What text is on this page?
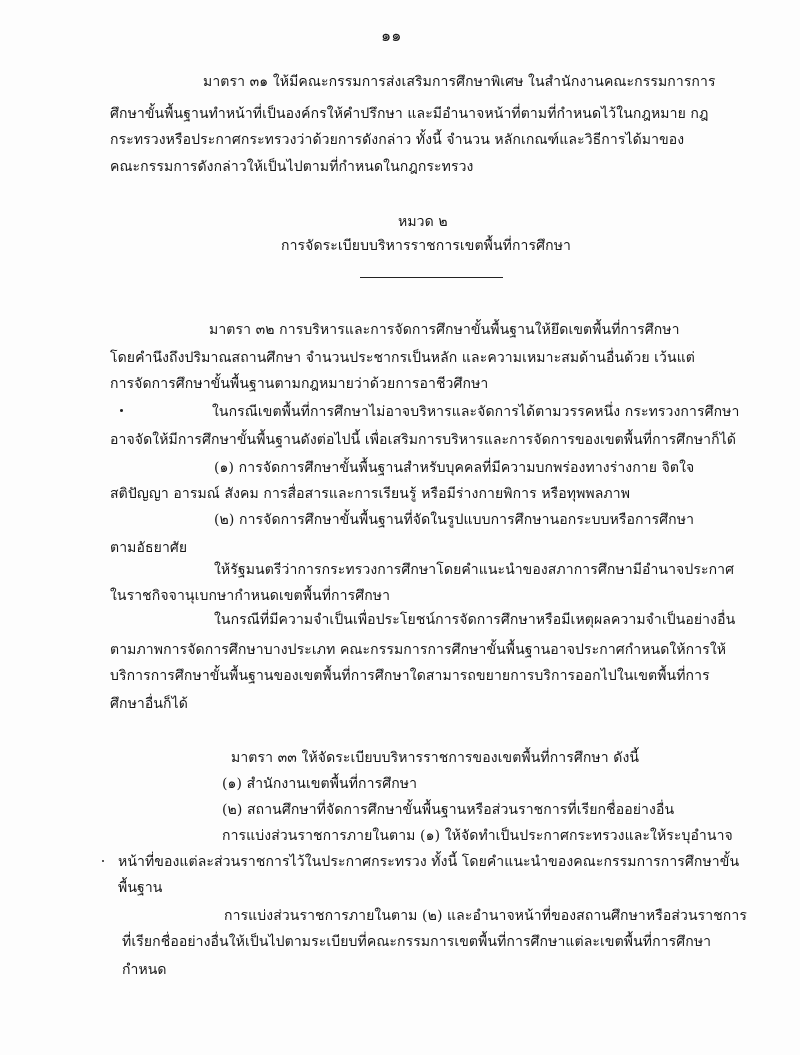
๑๑
มาตรา ๓๑ ให้มีคณะกรรมการส่งเสริมการศึกษาพิเศษ ในสำนักงานคณะกรรมการการ
ศึกษาขั้นพื้นฐานทำหน้าที่เป็นองค์กรให้คำปรึกษา และมีอำนาจหน้าที่ตามที่กำหนดไว้ในกฎหมาย กฎ
กระทรวงหรือประกาศกระทรวงว่าด้วยการดังกล่าว ทั้งนี้ จำนวน หลักเกณฑ์และวิธีการได้มาของ
คณะกรรมการดังกล่าวให้เป็นไปตามที่กำหนดในกฎกระทรวง
หมวด ๒
การจัดระเบียบบริหารราชการเขตพื้นที่การศึกษา
มาตรา ๓๒ การบริหารและการจัดการศึกษาขั้นพื้นฐานให้ยึดเขตพื้นที่การศึกษา
โดยคำนึงถึงปริมาณสถานศึกษา จำนวนประชากรเป็นหลัก และความเหมาะสมด้านอื่นด้วย เว้นแต่
การจัดการศึกษาขั้นพื้นฐานตามกฎหมายว่าด้วยการอาชีวศึกษา
ในกรณีเขตพื้นที่การศึกษาไม่อาจบริหารและจัดการได้ตามวรรคหนึ่ง กระทรวงการศึกษา
อาจจัดให้มีการศึกษาขั้นพื้นฐานดังต่อไปนี้ เพื่อเสริมการบริหารและการจัดการของเขตพื้นที่การศึกษาก็ได้
(๑) การจัดการศึกษาขั้นพื้นฐานสำหรับบุคคลที่มีความบกพร่องทางร่างกาย จิตใจ
สติปัญญา อารมณ์ สังคม การสื่อสารและการเรียนรู้ หรือมีร่างกายพิการ หรือทุพพลภาพ
(๒) การจัดการศึกษาขั้นพื้นฐานที่จัดในรูปแบบการศึกษานอกระบบหรือการศึกษา
ตามอัธยาศัย
ให้รัฐมนตรีว่าการกระทรวงการศึกษาโดยคำแนะนำของสภาการศึกษามีอำนาจประกาศ
ในราชกิจจานุเบกษากำหนดเขตพื้นที่การศึกษา
ในกรณีที่มีความจำเป็นเพื่อประโยชน์การจัดการศึกษาหรือมีเหตุผลความจำเป็นอย่างอื่น
ตามภาพการจัดการศึกษาบางประเภท คณะกรรมการการศึกษาขั้นพื้นฐานอาจประกาศกำหนดให้การให้
บริการการศึกษาขั้นพื้นฐานของเขตพื้นที่การศึกษาใดสามารถขยายการบริการออกไปในเขตพื้นที่การ
ศึกษาอื่นก็ได้
มาตรา ๓๓ ให้จัดระเบียบบริหารราชการของเขตพื้นที่การศึกษา ดังนี้
(๑) สำนักงานเขตพื้นที่การศึกษา
(๒) สถานศึกษาที่จัดการศึกษาขั้นพื้นฐานหรือส่วนราชการที่เรียกชื่ออย่างอื่น
การแบ่งส่วนราชการภายในตาม (๑) ให้จัดทำเป็นประกาศกระทรวงและให้ระบุอำนาจ
หน้าที่ของแต่ละส่วนราชการไว้ในประกาศกระทรวง ทั้งนี้ โดยคำแนะนำของคณะกรรมการการศึกษาขั้น
พื้นฐาน
การแบ่งส่วนราชการภายในตาม (๒) และอำนาจหน้าที่ของสถานศึกษาหรือส่วนราชการ
ที่เรียกชื่ออย่างอื่นให้เป็นไปตามระเบียบที่คณะกรรมการเขตพื้นที่การศึกษาแต่ละเขตพื้นที่การศึกษา
กำหนด
